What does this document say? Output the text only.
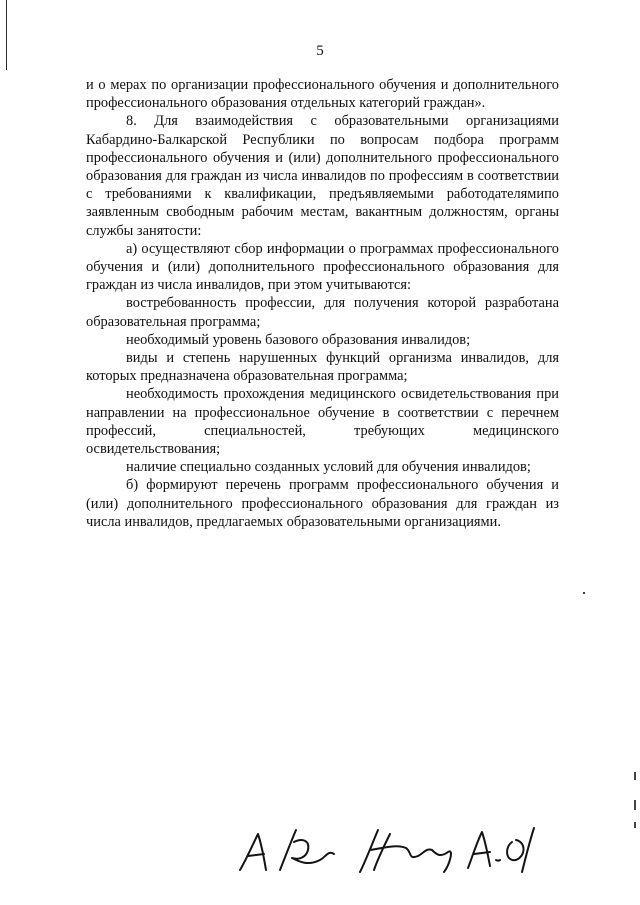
5

и о мерах по организации профессионального обучения и дополнительного профессионального образования отдельных категорий граждан».

8. Для взаимодействия с образовательными организациями Кабардино-Балкарской Республики по вопросам подбора программ профессионального обучения и (или) дополнительного профессионального образования для граждан из числа инвалидов по профессиям в соответствии с требованиями к квалификации, предъявляемыми работодателямипо заявленным свободным рабочим местам, вакантным должностям, органы службы занятости:

а) осуществляют сбор информации о программах профессионального обучения и (или) дополнительного профессионального образования для граждан из числа инвалидов, при этом учитываются:

востребованность профессии, для получения которой разработана образовательная программа;

необходимый уровень базового образования инвалидов;

виды и степень нарушенных функций организма инвалидов, для которых предназначена образовательная программа;

необходимость прохождения медицинского освидетельствования при направлении на профессиональное обучение в соответствии с перечнем профессий, специальностей, требующих медицинского освидетельствования;

наличие специально созданных условий для обучения инвалидов;

б) формируют перечень программ профессионального обучения и (или) дополнительного профессионального образования для граждан из числа инвалидов, предлагаемых образовательными организациями.
